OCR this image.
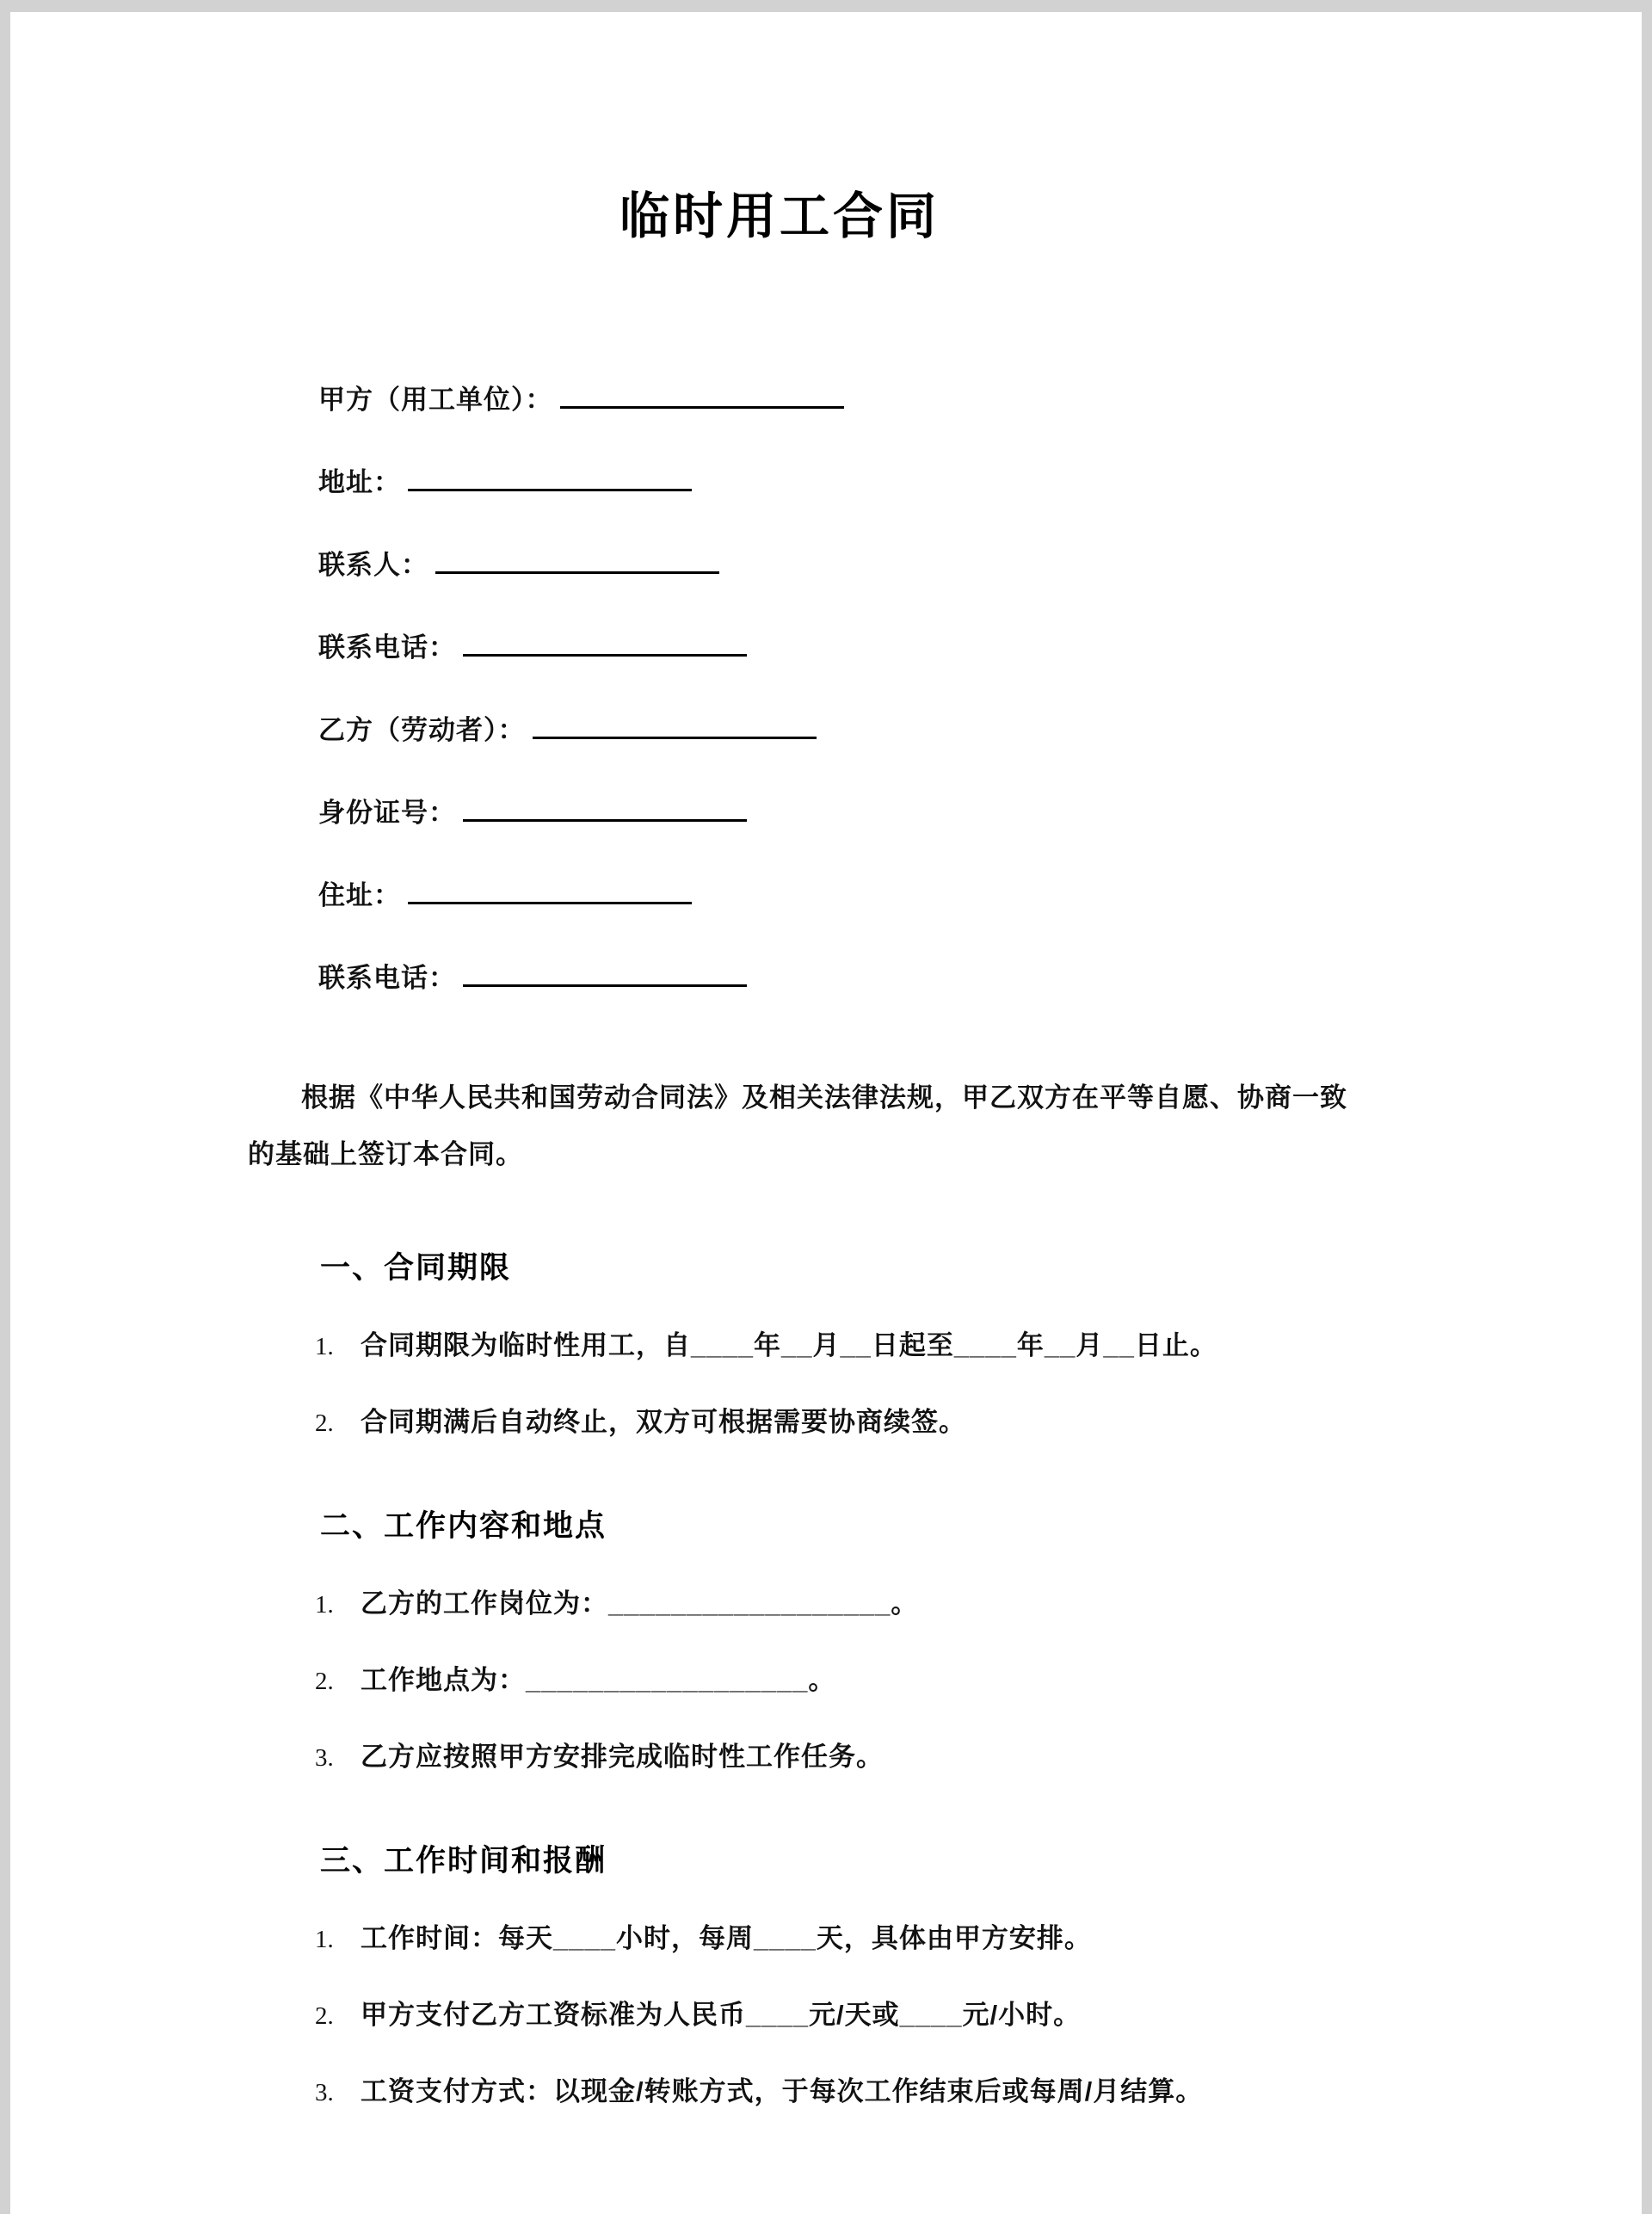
临时用工合同
甲方（用工单位）：
地址：
联系人：
联系电话：
乙方（劳动者）：
身份证号：
住址：
联系电话：

根据《中华人民共和国劳动合同法》及相关法律法规，甲乙双方在平等自愿、协商一致的基础上签订本合同。

一、合同期限
1. 合同期限为临时性用工，自____年__月__日起至____年__月__日止。
2. 合同期满后自动终止，双方可根据需要协商续签。
二、工作内容和地点
1. 乙方的工作岗位为：__________________。
2. 工作地点为：__________________。
3. 乙方应按照甲方安排完成临时性工作任务。
三、工作时间和报酬
1. 工作时间：每天____小时，每周____天，具体由甲方安排。
2. 甲方支付乙方工资标准为人民币____元/天或____元/小时。
3. 工资支付方式：以现金/转账方式，于每次工作结束后或每周/月结算。
